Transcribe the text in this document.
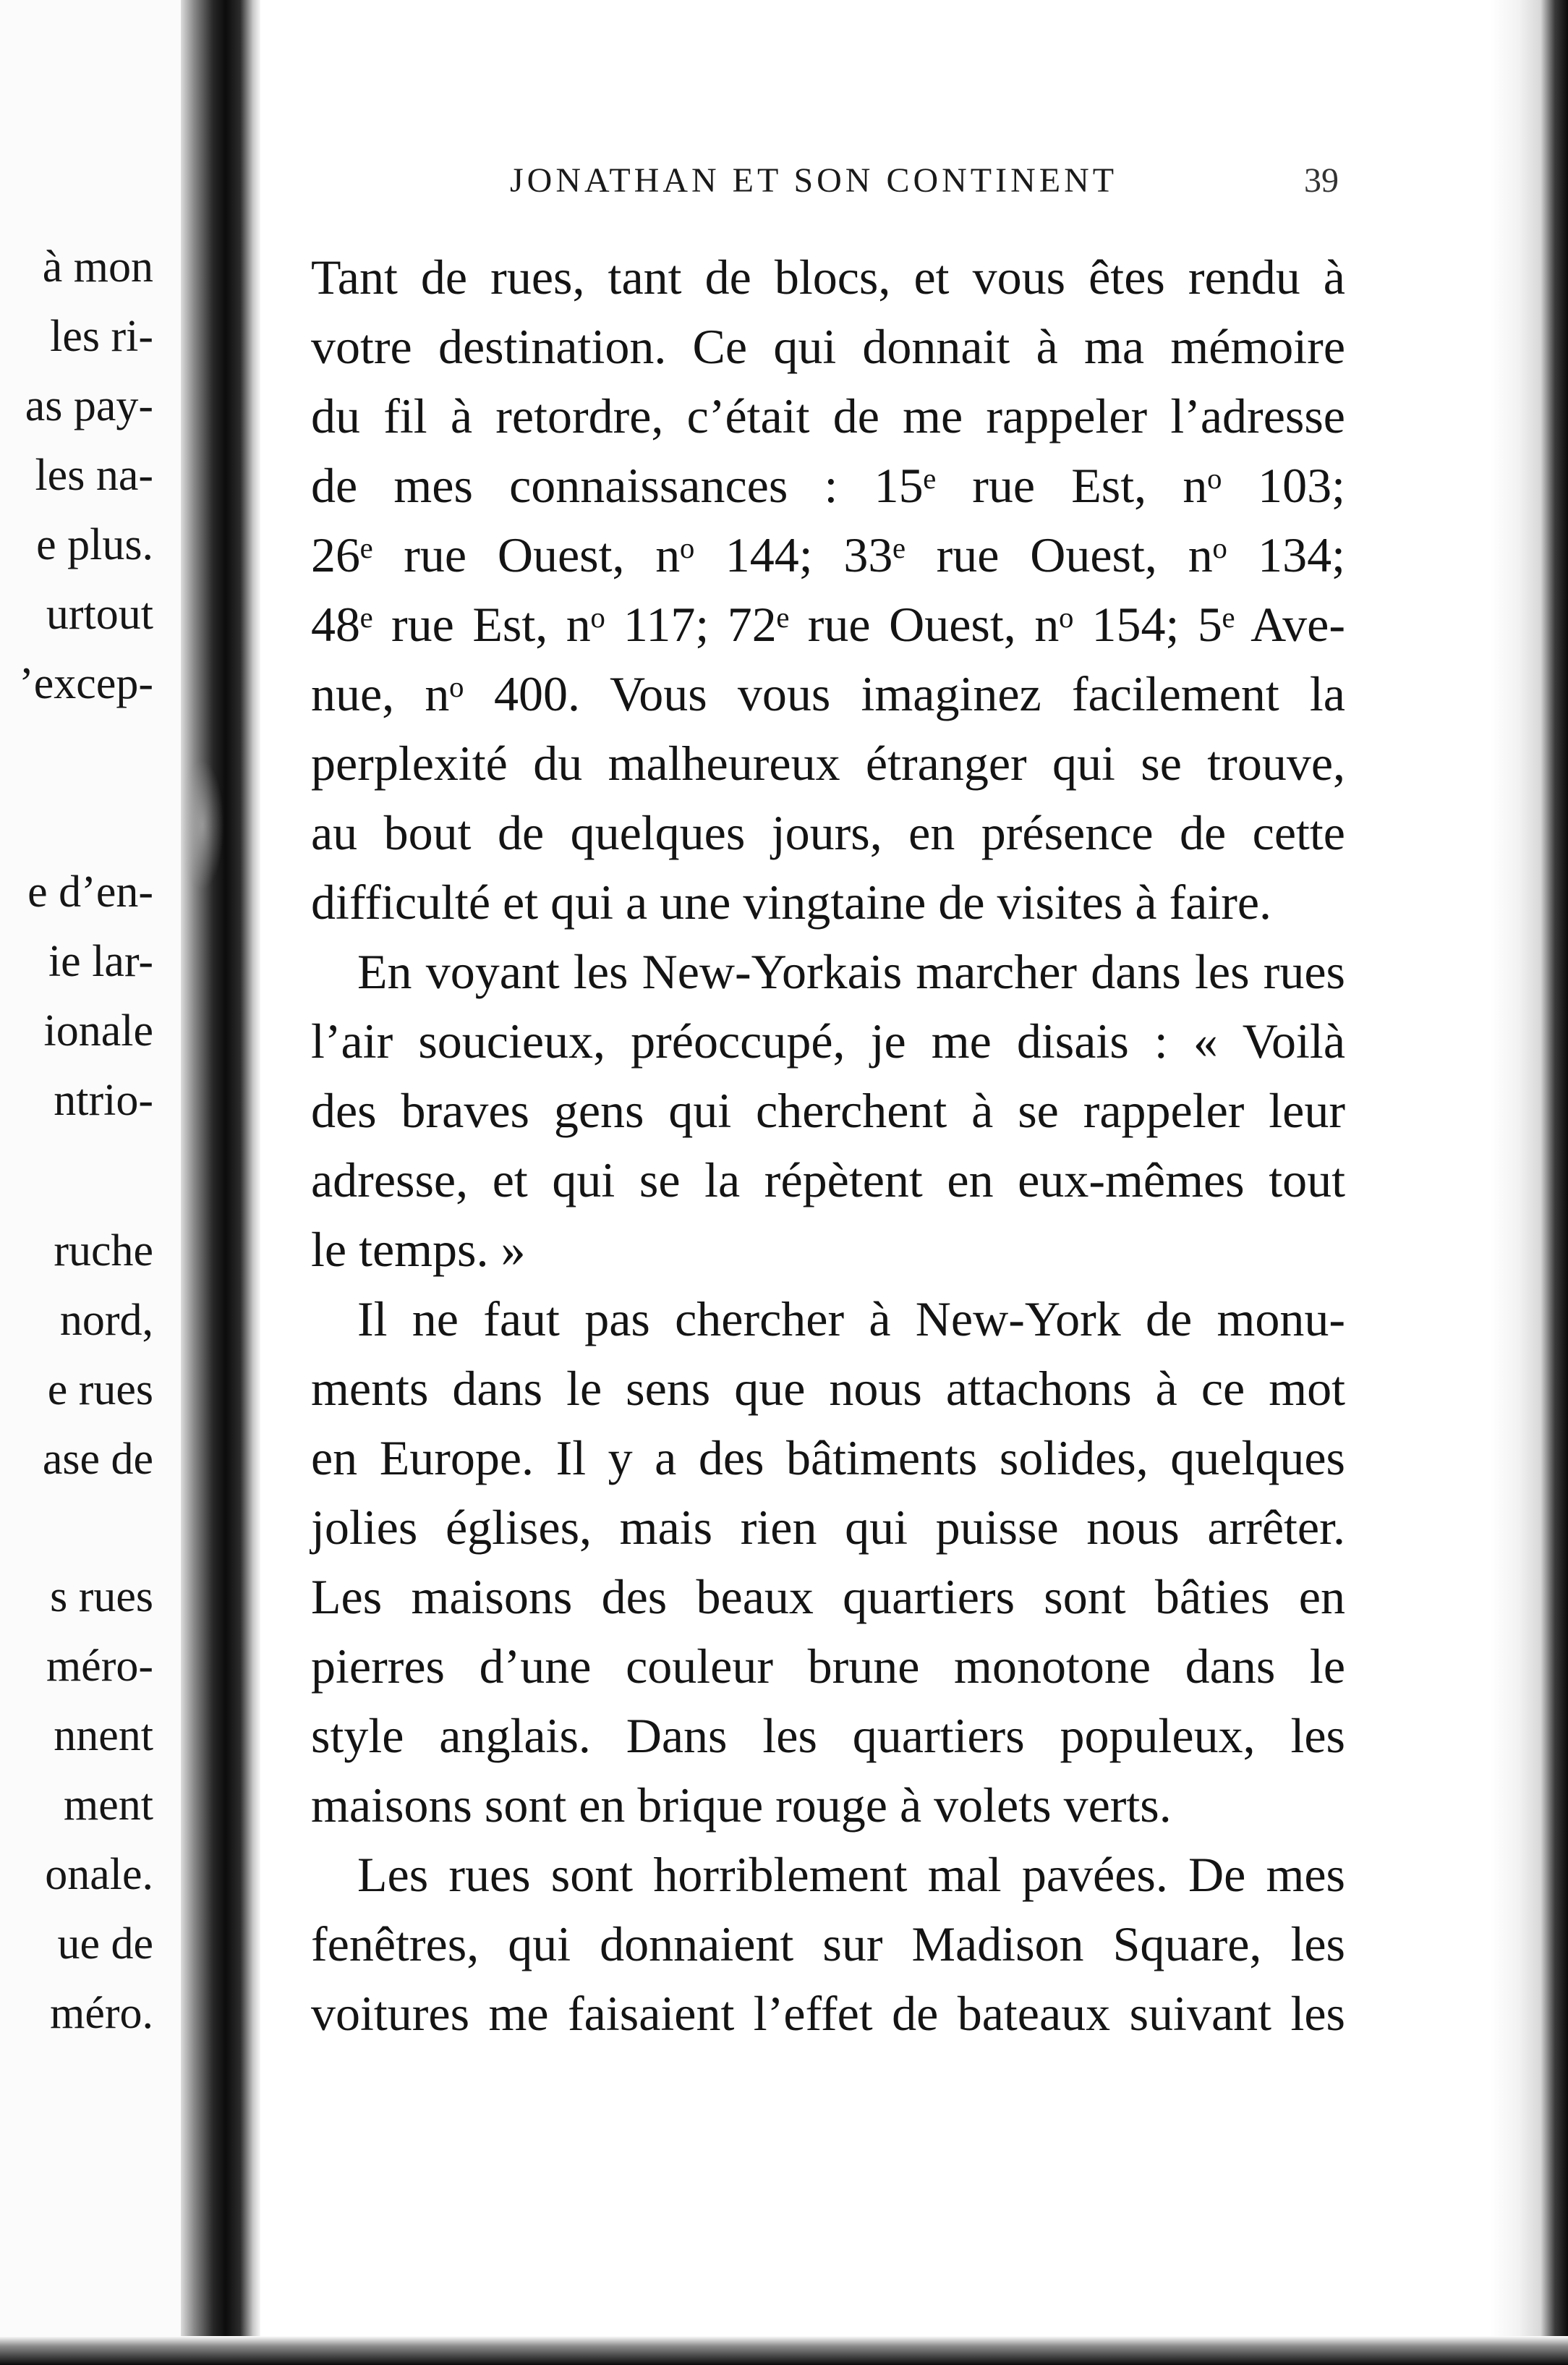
à mon
les ri-
as pay-
les na-
e plus.
urtout
’excep-
e d’en-
ie lar-
ionale
ntrio-
ruche
nord,
e rues
ase de
s rues
méro-
nnent
ment
onale.
ue de
méro.
JONATHAN ET SON CONTINENT	39
Tant de rues, tant de blocs, et vous êtes rendu à
votre destination. Ce qui donnait à ma mémoire
du fil à retordre, c’était de me rappeler l’adresse
de mes connaissances : 15ᵉ rue Est, nᵒ 103;
26ᵉ rue Ouest, nᵒ 144; 33ᵉ rue Ouest, nᵒ 134;
48ᵉ rue Est, nᵒ 117; 72ᵉ rue Ouest, nᵒ 154; 5ᵉ Ave-
nue, nᵒ 400. Vous vous imaginez facilement la
perplexité du malheureux étranger qui se trouve,
au bout de quelques jours, en présence de cette
difficulté et qui a une vingtaine de visites à faire.
En voyant les New-Yorkais marcher dans les rues
l’air soucieux, préoccupé, je me disais : « Voilà
des braves gens qui cherchent à se rappeler leur
adresse, et qui se la répètent en eux-mêmes tout
le temps. »
Il ne faut pas chercher à New-York de monu-
ments dans le sens que nous attachons à ce mot
en Europe. Il y a des bâtiments solides, quelques
jolies églises, mais rien qui puisse nous arrêter.
Les maisons des beaux quartiers sont bâties en
pierres d’une couleur brune monotone dans le
style anglais. Dans les quartiers populeux, les
maisons sont en brique rouge à volets verts.
Les rues sont horriblement mal pavées. De mes
fenêtres, qui donnaient sur Madison Square, les
voitures me faisaient l’effet de bateaux suivant les
